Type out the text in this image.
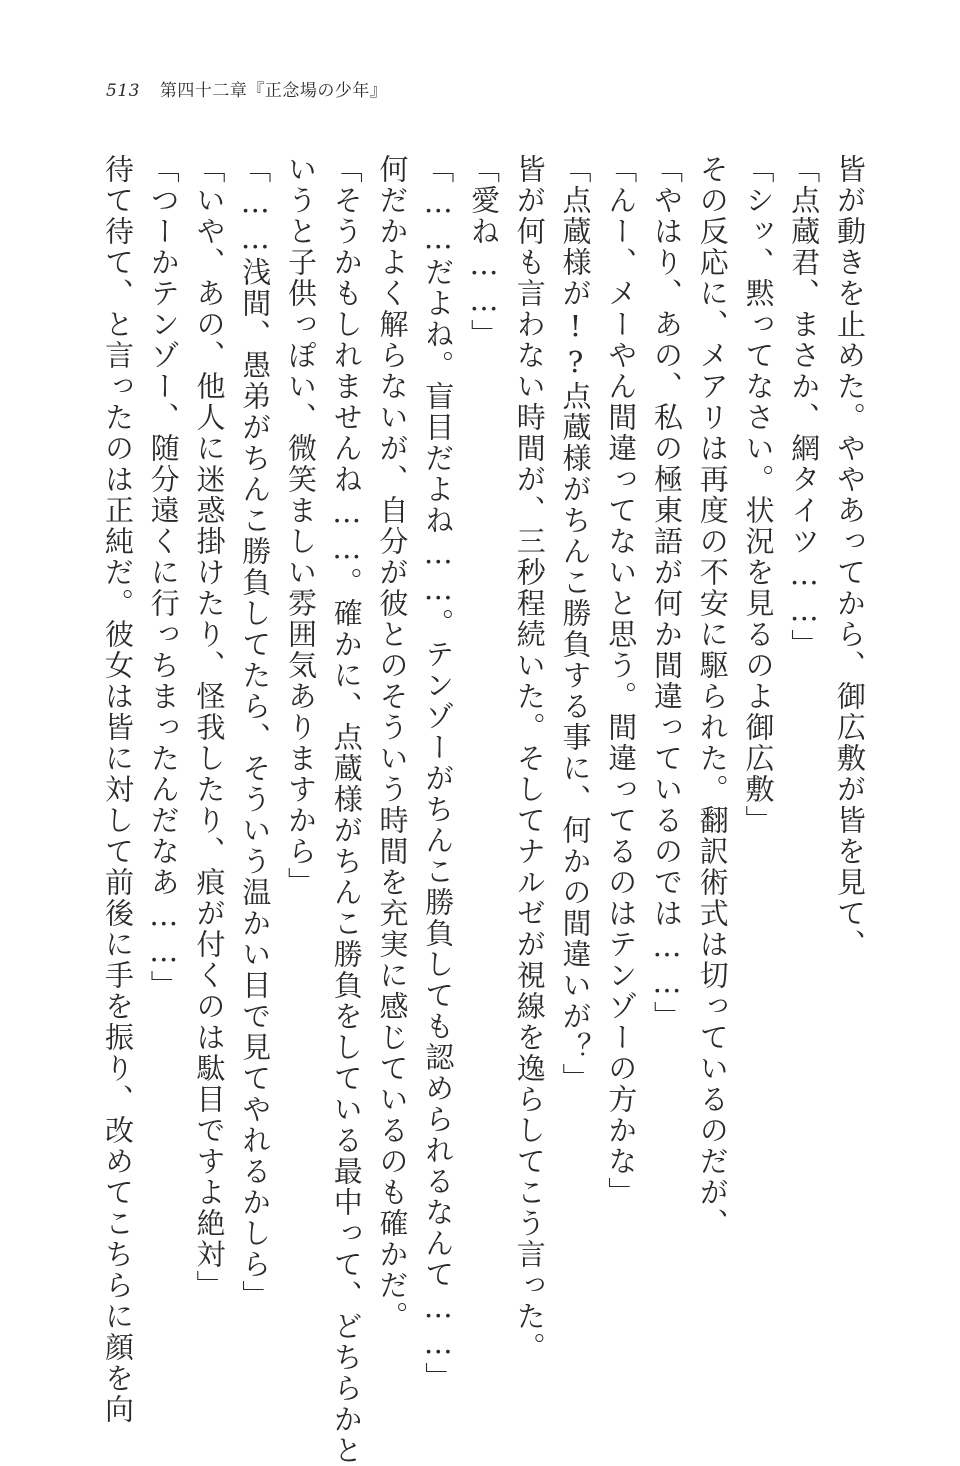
513 第四十二章『正念場の少年』
皆が動きを止めた。ややあってから、御広敷が皆を見て、
「点蔵君、まさか、網タイツ……」
「シッ、黙ってなさい。状況を見るのよ御広敷」
その反応に、メアリは再度の不安に駆られた。翻訳術式は切っているのだが、
「やはり、あの、私の極東語が何か間違っているのでは……」
「んー、メーやん間違ってないと思う。間違ってるのはテンゾーの方かな」
「点蔵様が!?点蔵様がちんこ勝負する事に、何かの間違いが？」
皆が何も言わない時間が、三秒程続いた。そしてナルゼが視線を逸らしてこう言った。
「愛ね……」
「……だよね。盲目だよね……。テンゾーがちんこ勝負しても認められるなんて……」
何だかよく解らないが、自分が彼とのそういう時間を充実に感じているのも確かだ。
「そうかもしれませんね……。確かに、点蔵様がちんこ勝負をしている最中って、どちらかと
いうと子供っぽい、微笑ましい雰囲気ありますから」
「……浅間、愚弟がちんこ勝負してたら、そういう温かい目で見てやれるかしら」
「いや、あの、他人に迷惑掛けたり、怪我したり、痕が付くのは駄目ですよ絶対」
「つーかテンゾー、随分遠くに行っちまったんだなあ……」
待て待て、と言ったのは正純だ。彼女は皆に対して前後に手を振り、改めてこちらに顔を向
